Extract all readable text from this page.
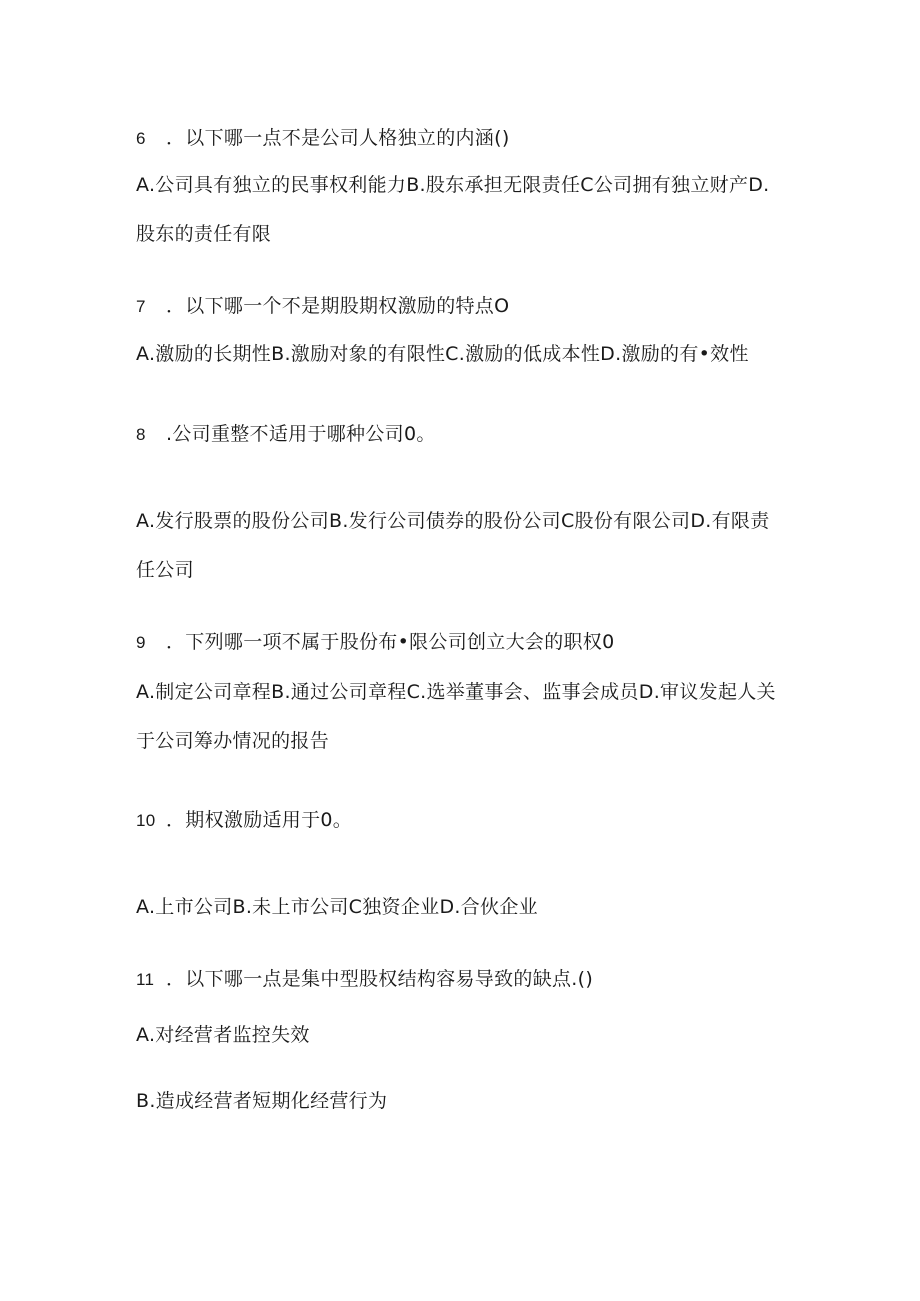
6 ．以下哪一点不是公司人格独立的内涵()
A.公司具有独立的民事权利能力B.股东承担无限责任C公司拥有独立财产D.
股东的责任有限
7 ．以下哪一个不是期股期权激励的特点O
A.激励的长期性B.激励对象的有限性C.激励的低成本性D.激励的有•效性
8 .公司重整不适用于哪种公司0。
A.发行股票的股份公司B.发行公司债券的股份公司C股份有限公司D.有限责
任公司
9 ．下列哪一项不属于股份布•限公司创立大会的职权0
A.制定公司章程B.通过公司章程C.选举董事会、监事会成员D.审议发起人关
于公司筹办情况的报告
10 ．期权激励适用于0。
A.上市公司B.未上市公司C独资企业D.合伙企业
11 ．以下哪一点是集中型股权结构容易导致的缺点.()
A.对经营者监控失效
B.造成经营者短期化经营行为
